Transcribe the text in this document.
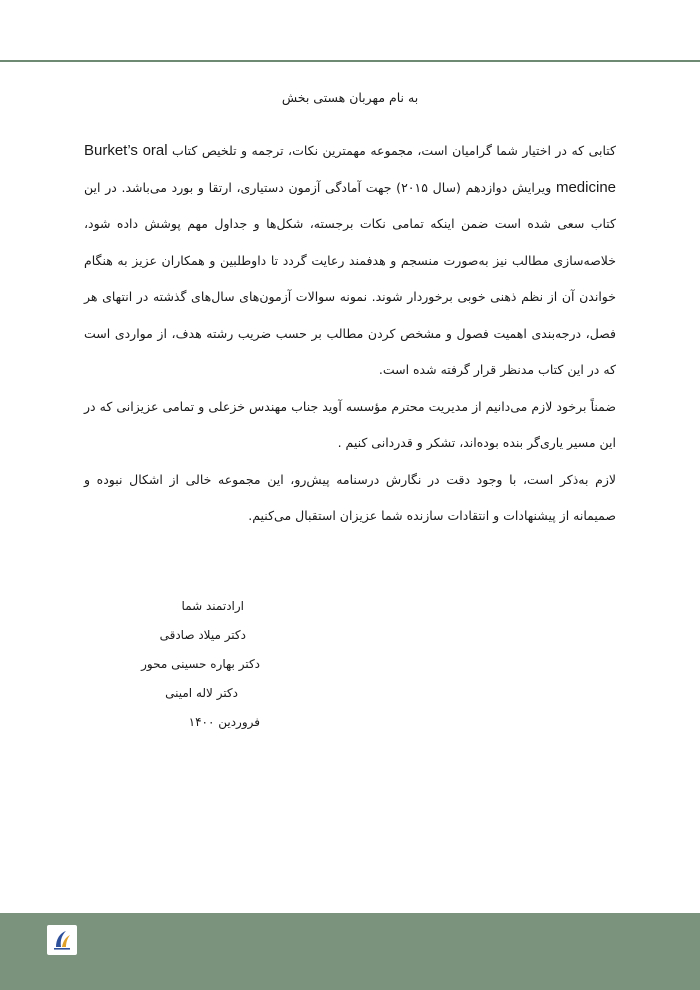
به نام مهربان هستی بخش

کتابی که در اختیار شما گرامیان است، مجموعه مهمترین نکات، ترجمه و تلخیص کتاب Burket’s oral medicine ویرایش دوازدهم (سال ۲۰۱۵) جهت آمادگی آزمون دستیاری، ارتقا و بورد می‌باشد. در این کتاب سعی شده است ضمن اینکه تمامی نکات برجسته، شکل‌ها و جداول مهم پوشش داده شود، خلاصه‌سازی مطالب نیز به‌صورت منسجم و هدفمند رعایت گردد تا داوطلبین و همکاران عزیز به هنگام خواندن آن از نظم ذهنی خوبی برخوردار شوند. نمونه سوالات آزمون‌های سال‌های گذشته در انتهای هر فصل، درجه‌بندی اهمیت فصول و مشخص کردن مطالب بر حسب ضریب رشته هدف، از مواردی است که در این کتاب مدنظر قرار گرفته شده است.

ضمناً برخود لازم می‌دانیم از مدیریت محترم مؤسسه آوید جناب مهندس خزعلی و تمامی عزیزانی که در این مسیر یاری‌گر بنده بوده‌اند، تشکر و قدردانی کنیم .

لازم به‌ذکر است، با وجود دقت در نگارش درسنامه پیش‌رو، این مجموعه خالی از اشکال نبوده و صمیمانه از پیشنهادات و انتقادات سازنده شما عزیزان استقبال می‌کنیم.

ارادتمند شما
دکتر میلاد صادقی
دکتر بهاره حسینی محور
دکتر لاله امینی
فروردین ۱۴۰۰
